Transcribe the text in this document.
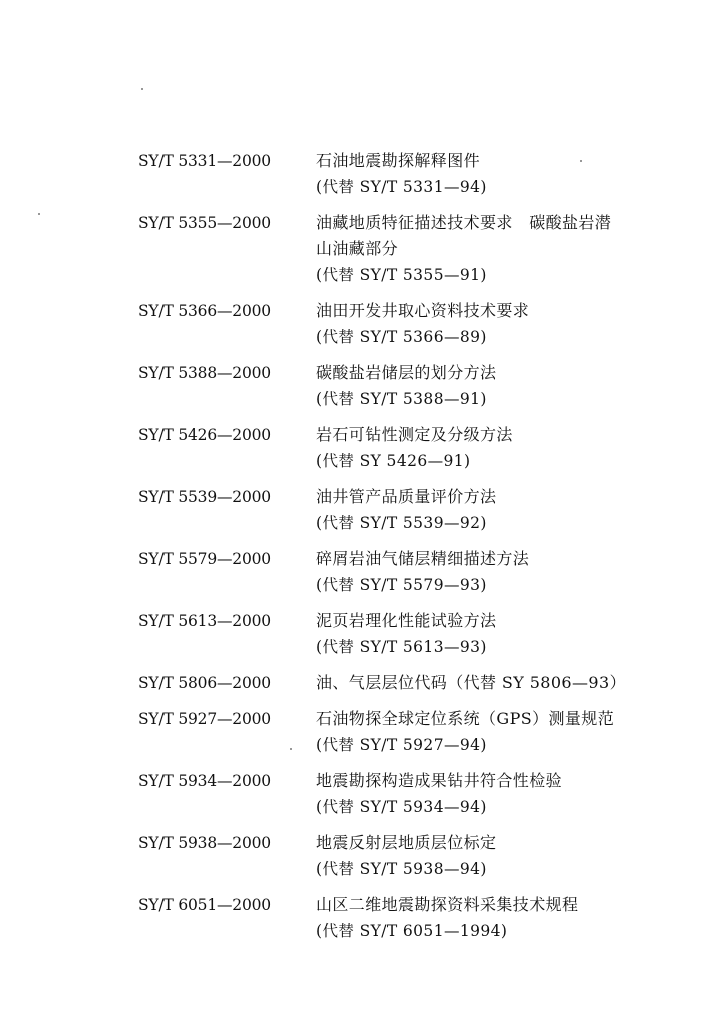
SY/T 5331—2000	石油地震勘探解释图件
(代替 SY/T 5331—94)
SY/T 5355—2000	油藏地质特征描述技术要求　碳酸盐岩潜
山油藏部分
(代替 SY/T 5355—91)
SY/T 5366—2000	油田开发井取心资料技术要求
(代替 SY/T 5366—89)
SY/T 5388—2000	碳酸盐岩储层的划分方法
(代替 SY/T 5388—91)
SY/T 5426—2000	岩石可钻性测定及分级方法
(代替 SY 5426—91)
SY/T 5539—2000	油井管产品质量评价方法
(代替 SY/T 5539—92)
SY/T 5579—2000	碎屑岩油气储层精细描述方法
(代替 SY/T 5579—93)
SY/T 5613—2000	泥页岩理化性能试验方法
(代替 SY/T 5613—93)
SY/T 5806—2000	油、气层层位代码（代替 SY 5806—93）
SY/T 5927—2000	石油物探全球定位系统（GPS）测量规范
(代替 SY/T 5927—94)
SY/T 5934—2000	地震勘探构造成果钻井符合性检验
(代替 SY/T 5934—94)
SY/T 5938—2000	地震反射层地质层位标定
(代替 SY/T 5938—94)
SY/T 6051—2000	山区二维地震勘探资料采集技术规程
(代替 SY/T 6051—1994)
